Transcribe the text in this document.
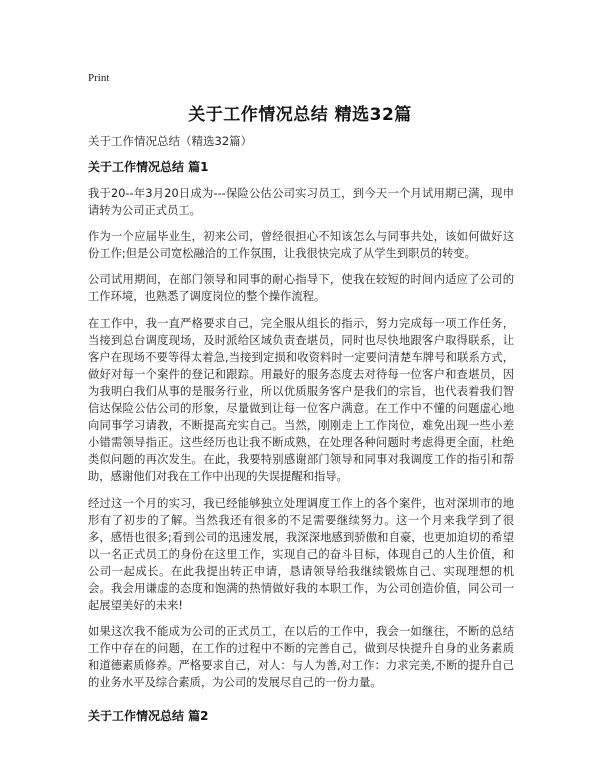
Print
关于工作情况总结 精选32篇
关于工作情况总结（精选32篇）
关于工作情况总结 篇1

我于20--年3月20日成为---保险公估公司实习员工，到今天一个月试用期已满，现申请转为公司正式员工。

作为一个应届毕业生，初来公司，曾经很担心不知该怎么与同事共处，该如何做好这份工作;但是公司宽松融洽的工作氛围，让我很快完成了从学生到职员的转变。

公司试用期间，在部门领导和同事的耐心指导下，使我在较短的时间内适应了公司的工作环境，也熟悉了调度岗位的整个操作流程。

在工作中，我一直严格要求自己，完全服从组长的指示，努力完成每一项工作任务，当接到总台调度现场，及时派给区域负责查堪员，同时也尽快地跟客户取得联系，让客户在现场不要等得太着急,当接到定损和收资料时一定要问清楚车牌号和联系方式，做好对每一个案件的登记和跟踪。用最好的服务态度去对待每一位客户和查堪员，因为我明白我们从事的是服务行业，所以优质服务客户是我们的宗旨，也代表着我们智信达保险公估公司的形象，尽量做到让每一位客户满意。在工作中不懂的问题虚心地向同事学习请教，不断提高充实自己。当然，刚刚走上工作岗位，难免出现一些小差小错需领导指正。这些经历也让我不断成熟，在处理各种问题时考虑得更全面，杜绝类似问题的再次发生。在此，我要特别感谢部门领导和同事对我调度工作的指引和帮助，感谢他们对我在工作中出现的失误提醒和指导。

经过这一个月的实习，我已经能够独立处理调度工作上的各个案件，也对深圳市的地形有了初步的了解。当然我还有很多的不足需要继续努力。这一个月来我学到了很多，感悟也很多;看到公司的迅速发展，我深深地感到骄傲和自豪，也更加迫切的希望以一名正式员工的身份在这里工作，实现自己的奋斗目标，体现自己的人生价值，和公司一起成长。在此我提出转正申请，恳请领导给我继续锻炼自己、实现理想的机会。我会用谦虚的态度和饱满的热情做好我的本职工作，为公司创造价值，同公司一起展望美好的未来!

如果这次我不能成为公司的正式员工，在以后的工作中，我会一如继往，不断的总结工作中存在的问题，在工作的过程中不断的完善自己，做到尽快提升自身的业务素质和道德素质修养。严格要求自己，对人：与人为善,对工作：力求完美,不断的提升自己的业务水平及综合素质，为公司的发展尽自己的一份力量。

关于工作情况总结 篇2
